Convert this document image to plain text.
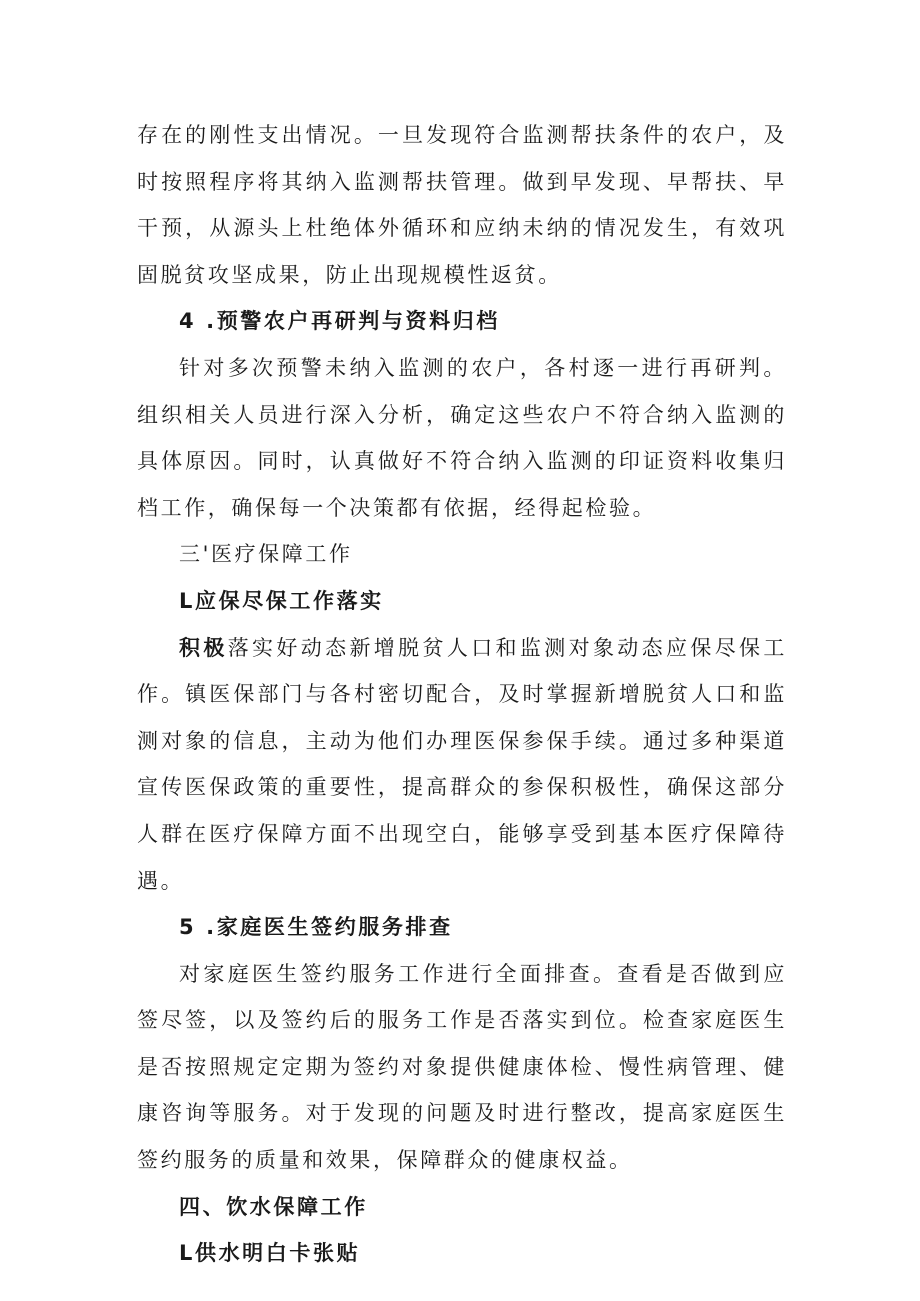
存在的刚性支出情况。一旦发现符合监测帮扶条件的农户，及时按照程序将其纳入监测帮扶管理。做到早发现、早帮扶、早干预，从源头上杜绝体外循环和应纳未纳的情况发生，有效巩固脱贫攻坚成果，防止出现规模性返贫。

4 .预警农户再研判与资料归档

针对多次预警未纳入监测的农户，各村逐一进行再研判。组织相关人员进行深入分析，确定这些农户不符合纳入监测的具体原因。同时，认真做好不符合纳入监测的印证资料收集归档工作，确保每一个决策都有依据，经得起检验。

三'医疗保障工作

L应保尽保工作落实

积极落实好动态新增脱贫人口和监测对象动态应保尽保工作。镇医保部门与各村密切配合，及时掌握新增脱贫人口和监测对象的信息，主动为他们办理医保参保手续。通过多种渠道宣传医保政策的重要性，提高群众的参保积极性，确保这部分人群在医疗保障方面不出现空白，能够享受到基本医疗保障待遇。

5 .家庭医生签约服务排查

对家庭医生签约服务工作进行全面排查。查看是否做到应签尽签，以及签约后的服务工作是否落实到位。检查家庭医生是否按照规定定期为签约对象提供健康体检、慢性病管理、健康咨询等服务。对于发现的问题及时进行整改，提高家庭医生签约服务的质量和效果，保障群众的健康权益。

四、饮水保障工作

L供水明白卡张贴
